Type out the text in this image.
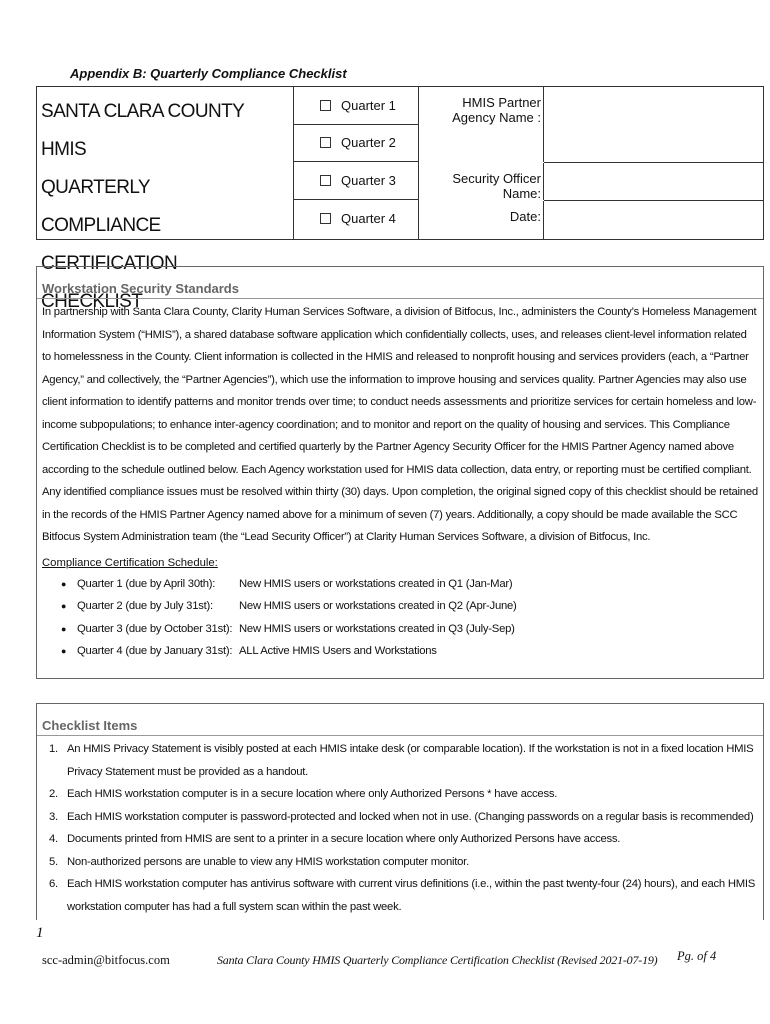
Appendix B: Quarterly Compliance Checklist
SANTA CLARA COUNTY HMIS
QUARTERLY COMPLIANCE
CERTIFICATION CHECKLIST
Quarter 1
Quarter 2
Quarter 3
Quarter 4
HMIS Partner Agency Name :
Security Officer Name:
Date:
Workstation Security Standards
In partnership with Santa Clara County, Clarity Human Services Software, a division of Bitfocus, Inc., administers the County’s Homeless Management Information System (“HMIS”), a shared database software application which confidentially collects, uses, and releases client-level information related to homelessness in the County. Client information is collected in the HMIS and released to nonprofit housing and services providers (each, a “Partner Agency,” and collectively, the “Partner Agencies”), which use the information to improve housing and services quality. Partner Agencies may also use client information to identify patterns and monitor trends over time; to conduct needs assessments and prioritize services for certain homeless and low-income subpopulations; to enhance inter-agency coordination; and to monitor and report on the quality of housing and services. This Compliance Certification Checklist is to be completed and certified quarterly by the Partner Agency Security Officer for the HMIS Partner Agency named above according to the schedule outlined below. Each Agency workstation used for HMIS data collection, data entry, or reporting must be certified compliant. Any identified compliance issues must be resolved within thirty (30) days. Upon completion, the original signed copy of this checklist should be retained in the records of the HMIS Partner Agency named above for a minimum of seven (7) years. Additionally, a copy should be made available the SCC Bitfocus System Administration team (the “Lead Security Officer”) at Clarity Human Services Software, a division of Bitfocus, Inc.
Compliance Certification Schedule:
● Quarter 1 (due by April 30th): New HMIS users or workstations created in Q1 (Jan-Mar)
● Quarter 2 (due by July 31st): New HMIS users or workstations created in Q2 (Apr-June)
● Quarter 3 (due by October 31st): New HMIS users or workstations created in Q3 (July-Sep)
● Quarter 4 (due by January 31st): ALL Active HMIS Users and Workstations
Checklist Items
1. An HMIS Privacy Statement is visibly posted at each HMIS intake desk (or comparable location). If the workstation is not in a fixed location HMIS Privacy Statement must be provided as a handout.
2. Each HMIS workstation computer is in a secure location where only Authorized Persons * have access.
3. Each HMIS workstation computer is password-protected and locked when not in use. (Changing passwords on a regular basis is recommended)
4. Documents printed from HMIS are sent to a printer in a secure location where only Authorized Persons have access.
5. Non-authorized persons are unable to view any HMIS workstation computer monitor.
6. Each HMIS workstation computer has antivirus software with current virus definitions (i.e., within the past twenty-four (24) hours), and each HMIS workstation computer has had a full system scan within the past week.
1
scc-admin@bitfocus.com	Santa Clara County HMIS Quarterly Compliance Certification Checklist (Revised 2021-07-19) Pg. of 4
